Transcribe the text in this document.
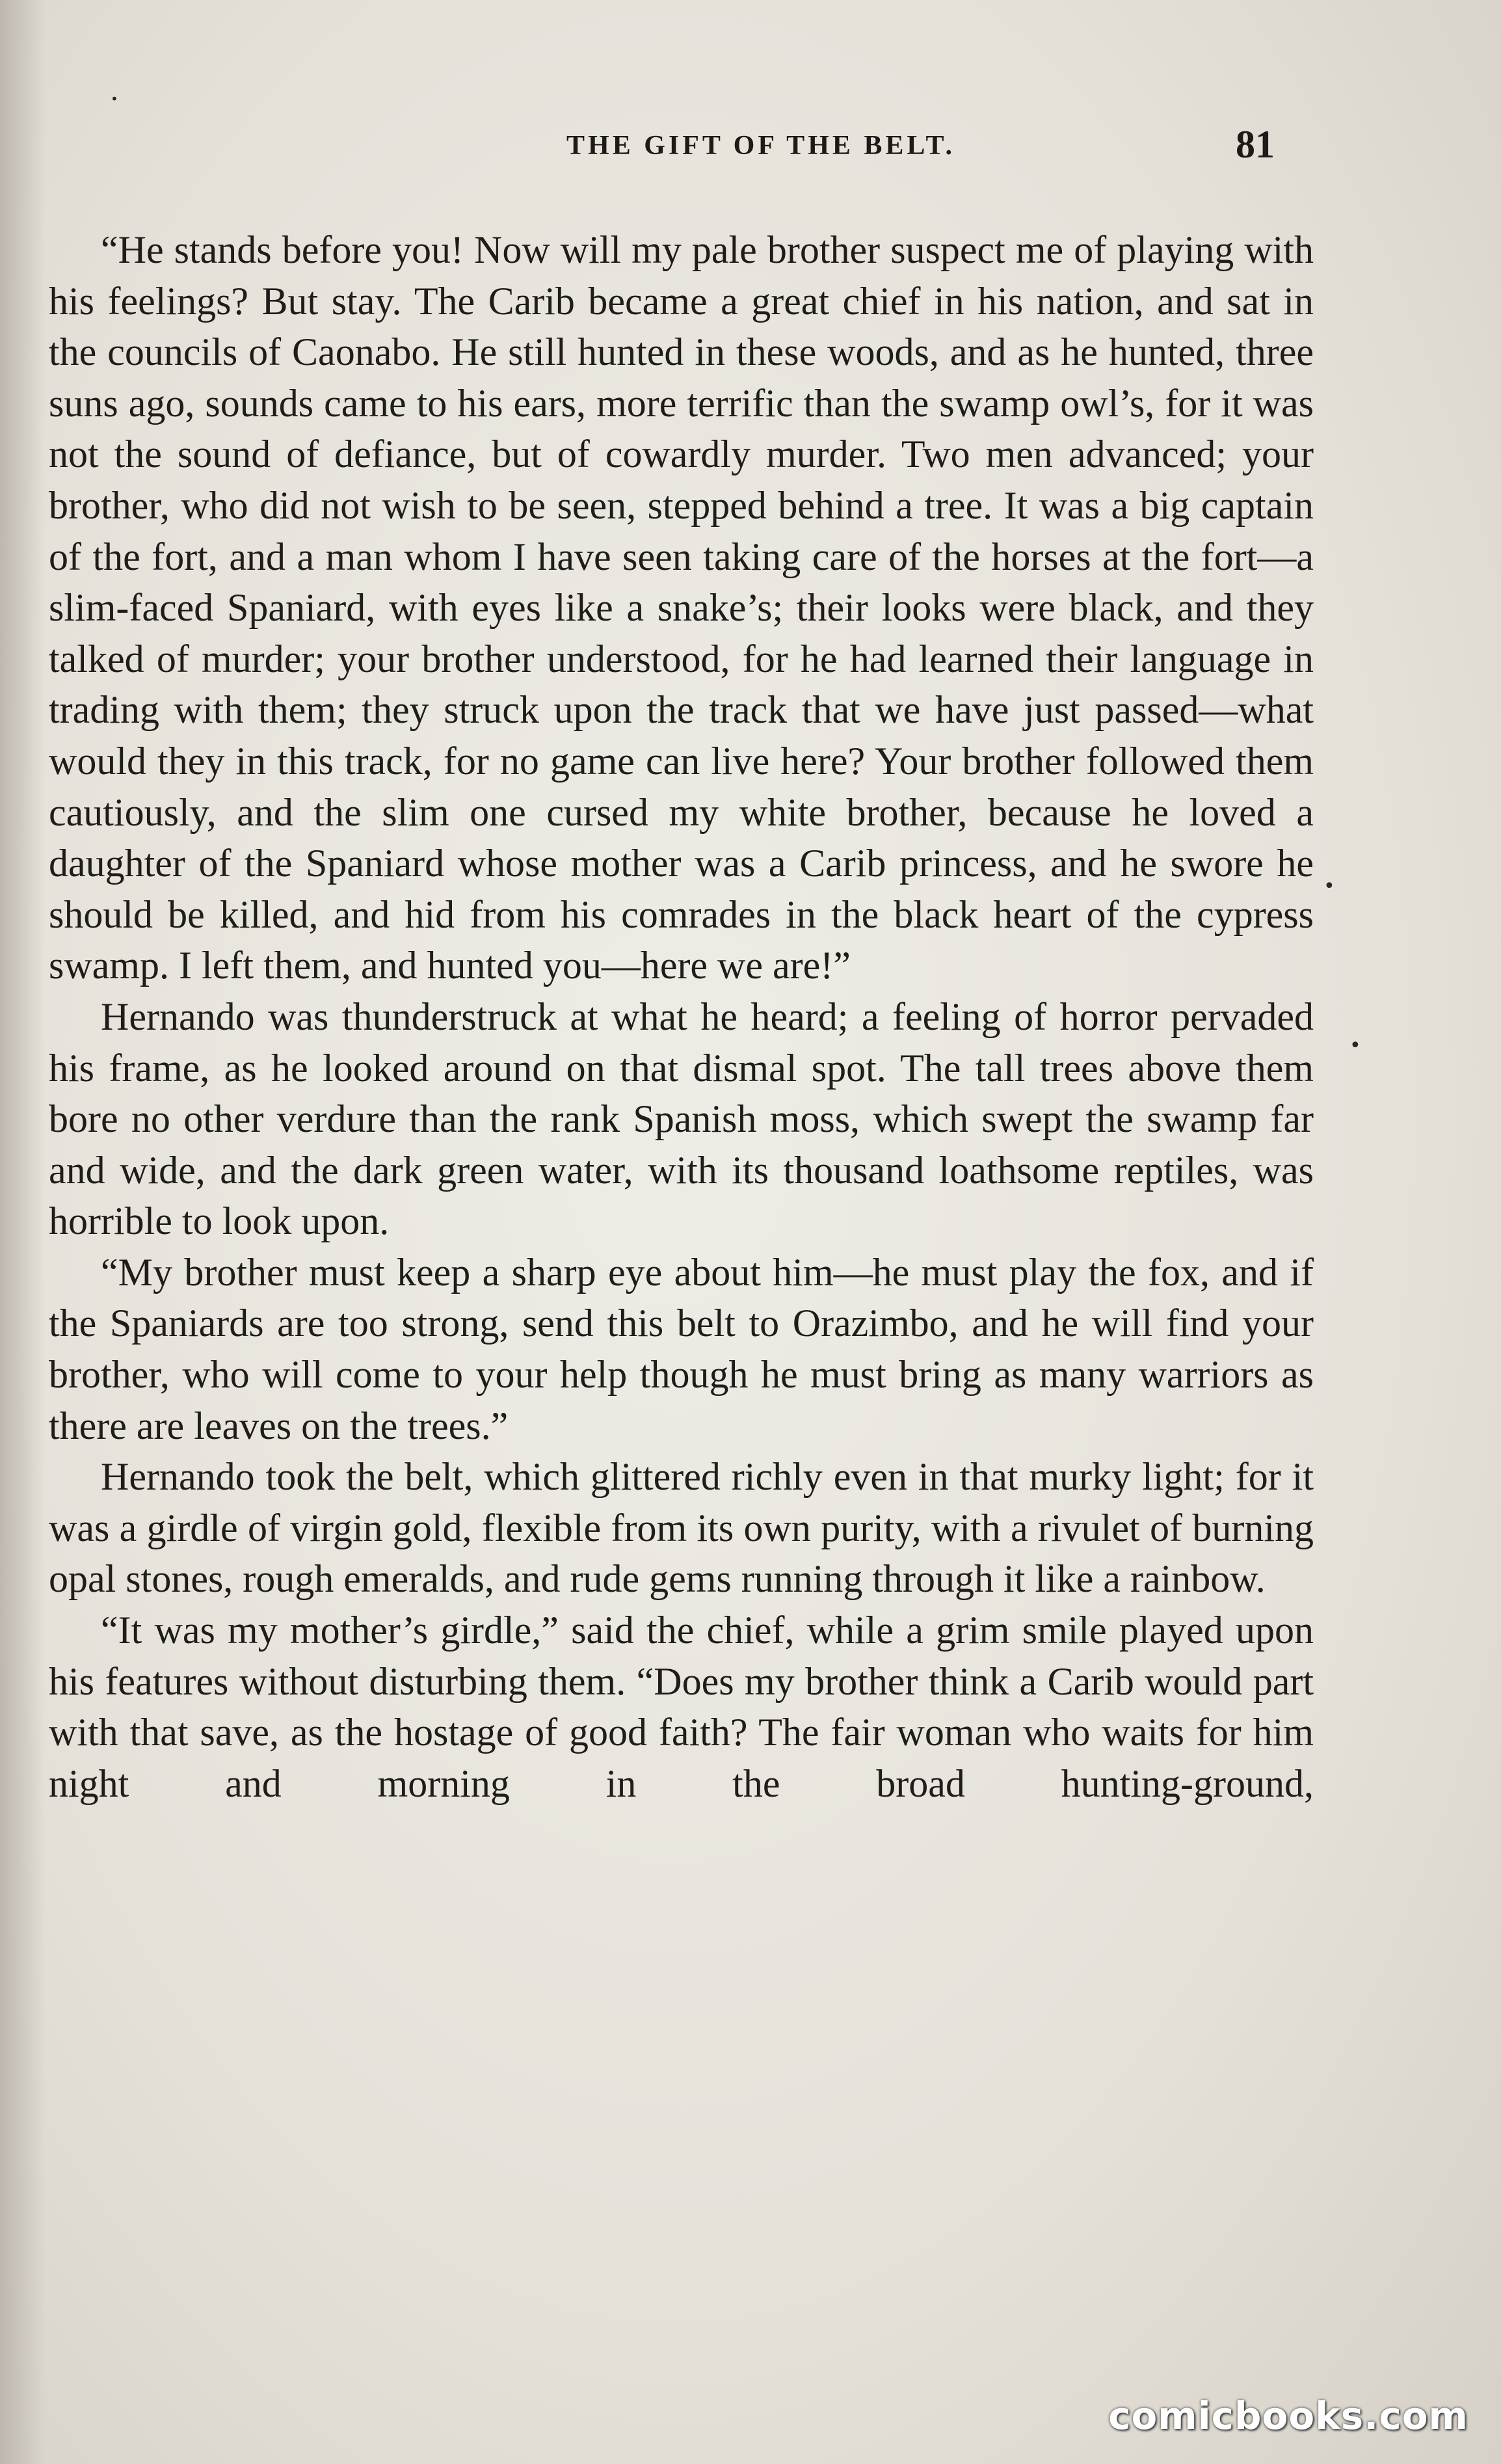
THE GIFT OF THE BELT.	81

“He stands before you! Now will my pale brother suspect me of playing with his feelings? But stay. The Carib became a great chief in his nation, and sat in the councils of Caonabo. He still hunted in these woods, and as he hunted, three suns ago, sounds came to his ears, more terrific than the swamp owl’s, for it was not the sound of defiance, but of cowardly murder. Two men advanced; your brother, who did not wish to be seen, stepped behind a tree. It was a big captain of the fort, and a man whom I have seen taking care of the horses at the fort—a slim-faced Spaniard, with eyes like a snake’s; their looks were black, and they talked of murder; your brother understood, for he had learned their language in trading with them; they struck upon the track that we have just passed—what would they in this track, for no game can live here? Your brother followed them cautiously, and the slim one cursed my white brother, because he loved a daughter of the Spaniard whose mother was a Carib princess, and he swore he should be killed, and hid from his comrades in the black heart of the cypress swamp. I left them, and hunted you—here we are!”

Hernando was thunderstruck at what he heard; a feeling of horror pervaded his frame, as he looked around on that dismal spot. The tall trees above them bore no other verdure than the rank Spanish moss, which swept the swamp far and wide, and the dark green water, with its thousand loathsome reptiles, was horrible to look upon.

“My brother must keep a sharp eye about him—he must play the fox, and if the Spaniards are too strong, send this belt to Orazimbo, and he will find your brother, who will come to your help though he must bring as many warriors as there are leaves on the trees.”

Hernando took the belt, which glittered richly even in that murky light; for it was a girdle of virgin gold, flexible from its own purity, with a rivulet of burning opal stones, rough emeralds, and rude gems running through it like a rainbow.

“It was my mother’s girdle,” said the chief, while a grim smile played upon his features without disturbing them. “Does my brother think a Carib would part with that save, as the hostage of good faith? The fair woman who waits for him night and morning in the broad hunting-ground,

•
•
•
comicbooks.com
